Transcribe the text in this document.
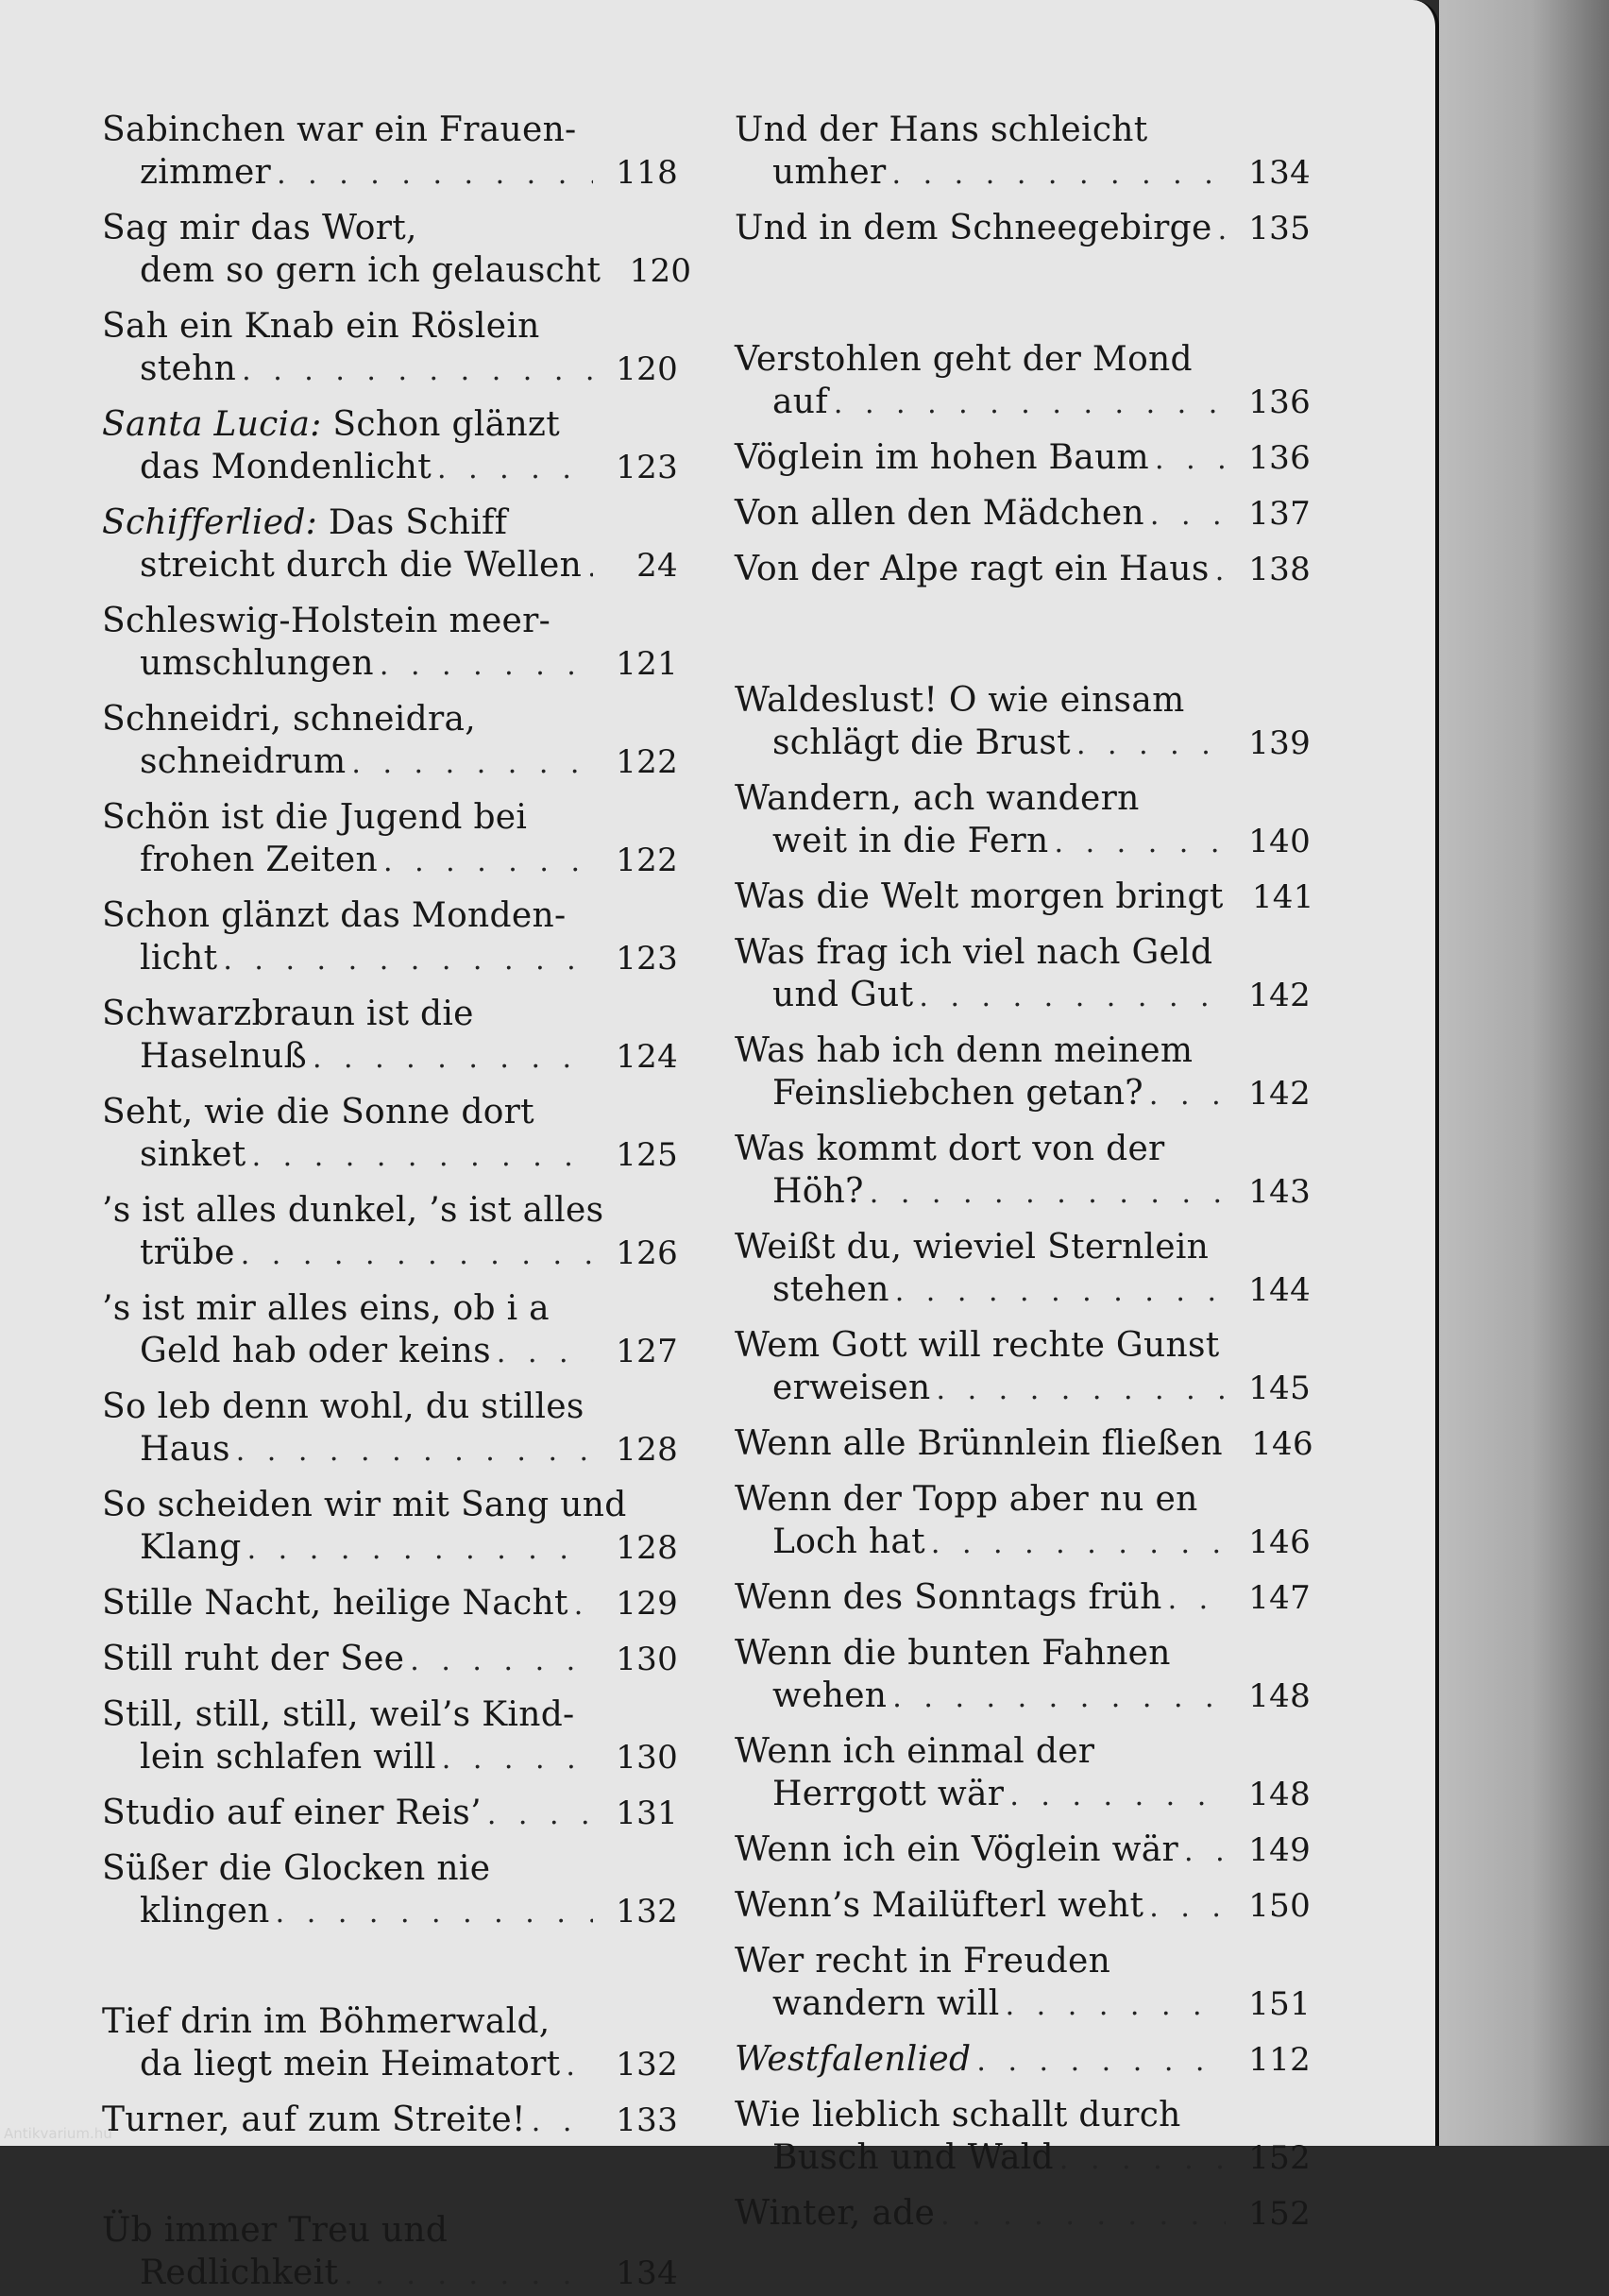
Sabinchen war ein Frauen-
zimmer . . .	118
Sag mir das Wort,
dem so gern ich gelauscht 120
Sah ein Knab ein Röslein
stehn . . .	120
Santa Lucia:
Schon glänzt
das Mondenlicht . . .	123
Schifferlied:
Das Schiff
streicht durch die Wellen . . .	24
Schleswig-Holstein meer-
umschlungen . . .	121
Schneidri, schneidra,
schneidrum . . .	122
Schön ist die Jugend bei
frohen Zeiten . . .	122
Schon glänzt das Monden-
licht . . .	123
Schwarzbraun ist die
Haselnuß . . .	124
Seht, wie die Sonne dort
sinket . . .	125
’s ist alles dunkel, ’s ist alles
trübe . . .	126
’s ist mir alles eins, ob i a
Geld hab oder keins . . .	127
So leb denn wohl, du stilles
Haus . . .	128
So scheiden wir mit Sang und
Klang . . .	128
Stille Nacht, heilige Nacht . . .	129
Still ruht der See . . .	130
Still, still, still, weil’s Kind-
lein schlafen will . . .	130
Studio auf einer Reis’ . . .	131
Süßer die Glocken nie
klingen . . .	132
Tief drin im Böhmerwald,
da liegt mein Heimatort . . .	132
Turner, auf zum Streite! . . .	133
Üb immer Treu und
Redlichkeit . . .	134
Und der Hans schleicht
umher . . .	134
Und in dem Schneegebirge . . .	135
Verstohlen geht der Mond
auf . . .	136
Vöglein im hohen Baum . . .	136
Von allen den Mädchen . . .	137
Von der Alpe ragt ein Haus . . .	138
Waldeslust! O wie einsam
schlägt die Brust . . .	139
Wandern, ach wandern
weit in die Fern . . .	140
Was die Welt morgen bringt 141
Was frag ich viel nach Geld
und Gut . . .	142
Was hab ich denn meinem
Feinsliebchen getan? . . .	142
Was kommt dort von der
Höh? . . .	143
Weißt du, wieviel Sternlein
stehen . . .	144
Wem Gott will rechte Gunst
erweisen . . .	145
Wenn alle Brünnlein fließen 146
Wenn der Topp aber nu en
Loch hat . . .	146
Wenn des Sonntags früh . . .	147
Wenn die bunten Fahnen
wehen . . .	148
Wenn ich einmal der
Herrgott wär . . .	148
Wenn ich ein Vöglein wär . . .	149
Wenn’s Mailüfterl weht . . .	150
Wer recht in Freuden
wandern will . . .	151
Westfalenlied . . .	112
Wie lieblich schallt durch
Busch und Wald . . .	152
Winter, ade . . .	152
Antikvarium.hu
